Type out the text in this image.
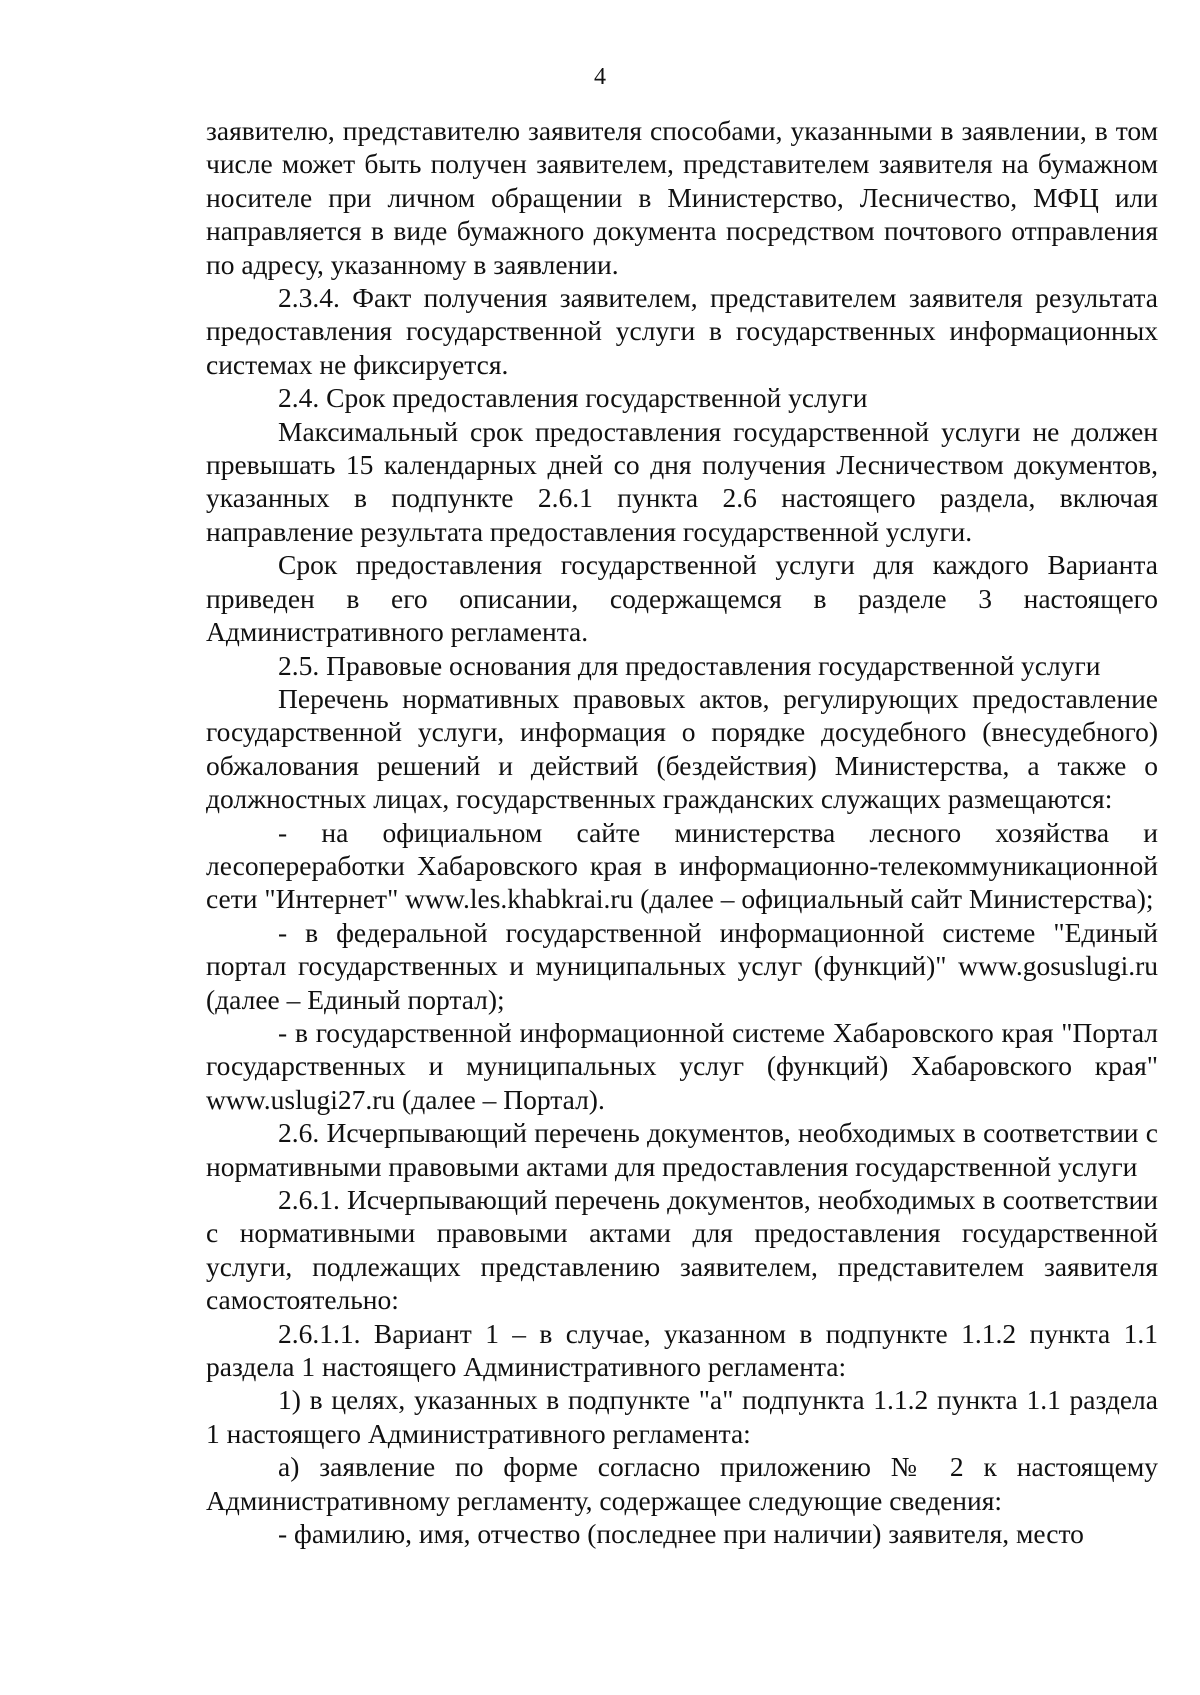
4

заявителю, представителю заявителя способами, указанными в заявлении, в том числе может быть получен заявителем, представителем заявителя на бумажном носителе при личном обращении в Министерство, Лесничество, МФЦ или направляется в виде бумажного документа посредством почтового отправления по адресу, указанному в заявлении.

2.3.4. Факт получения заявителем, представителем заявителя результата предоставления государственной услуги в государственных информационных системах не фиксируется.

2.4. Срок предоставления государственной услуги

Максимальный срок предоставления государственной услуги не должен превышать 15 календарных дней со дня получения Лесничеством документов, указанных в подпункте 2.6.1 пункта 2.6 настоящего раздела, включая направление результата предоставления государственной услуги.

Срок предоставления государственной услуги для каждого Варианта приведен в его описании, содержащемся в разделе 3 настоящего Административного регламента.

2.5. Правовые основания для предоставления государственной услуги

Перечень нормативных правовых актов, регулирующих предоставление государственной услуги, информация о порядке досудебного (внесудебного) обжалования решений и действий (бездействия) Министерства, а также о должностных лицах, государственных гражданских служащих размещаются:

- на официальном сайте министерства лесного хозяйства и лесопереработки Хабаровского края в информационно-телекоммуникационной сети "Интернет" www.les.khabkrai.ru (далее – официальный сайт Министерства);

- в федеральной государственной информационной системе "Единый портал государственных и муниципальных услуг (функций)" www.gosuslugi.ru (далее – Единый портал);

- в государственной информационной системе Хабаровского края "Портал государственных и муниципальных услуг (функций) Хабаровского края" www.uslugi27.ru (далее – Портал).

2.6. Исчерпывающий перечень документов, необходимых в соответствии с нормативными правовыми актами для предоставления государственной услуги

2.6.1. Исчерпывающий перечень документов, необходимых в соответствии с нормативными правовыми актами для предоставления государственной услуги, подлежащих представлению заявителем, представителем заявителя самостоятельно:

2.6.1.1. Вариант 1 – в случае, указанном в подпункте 1.1.2 пункта 1.1 раздела 1 настоящего Административного регламента:

1) в целях, указанных в подпункте "а" подпункта 1.1.2 пункта 1.1 раздела 1 настоящего Административного регламента:

а) заявление по форме согласно приложению № 2 к настоящему Административному регламенту, содержащее следующие сведения:

- фамилию, имя, отчество (последнее при наличии) заявителя, место
